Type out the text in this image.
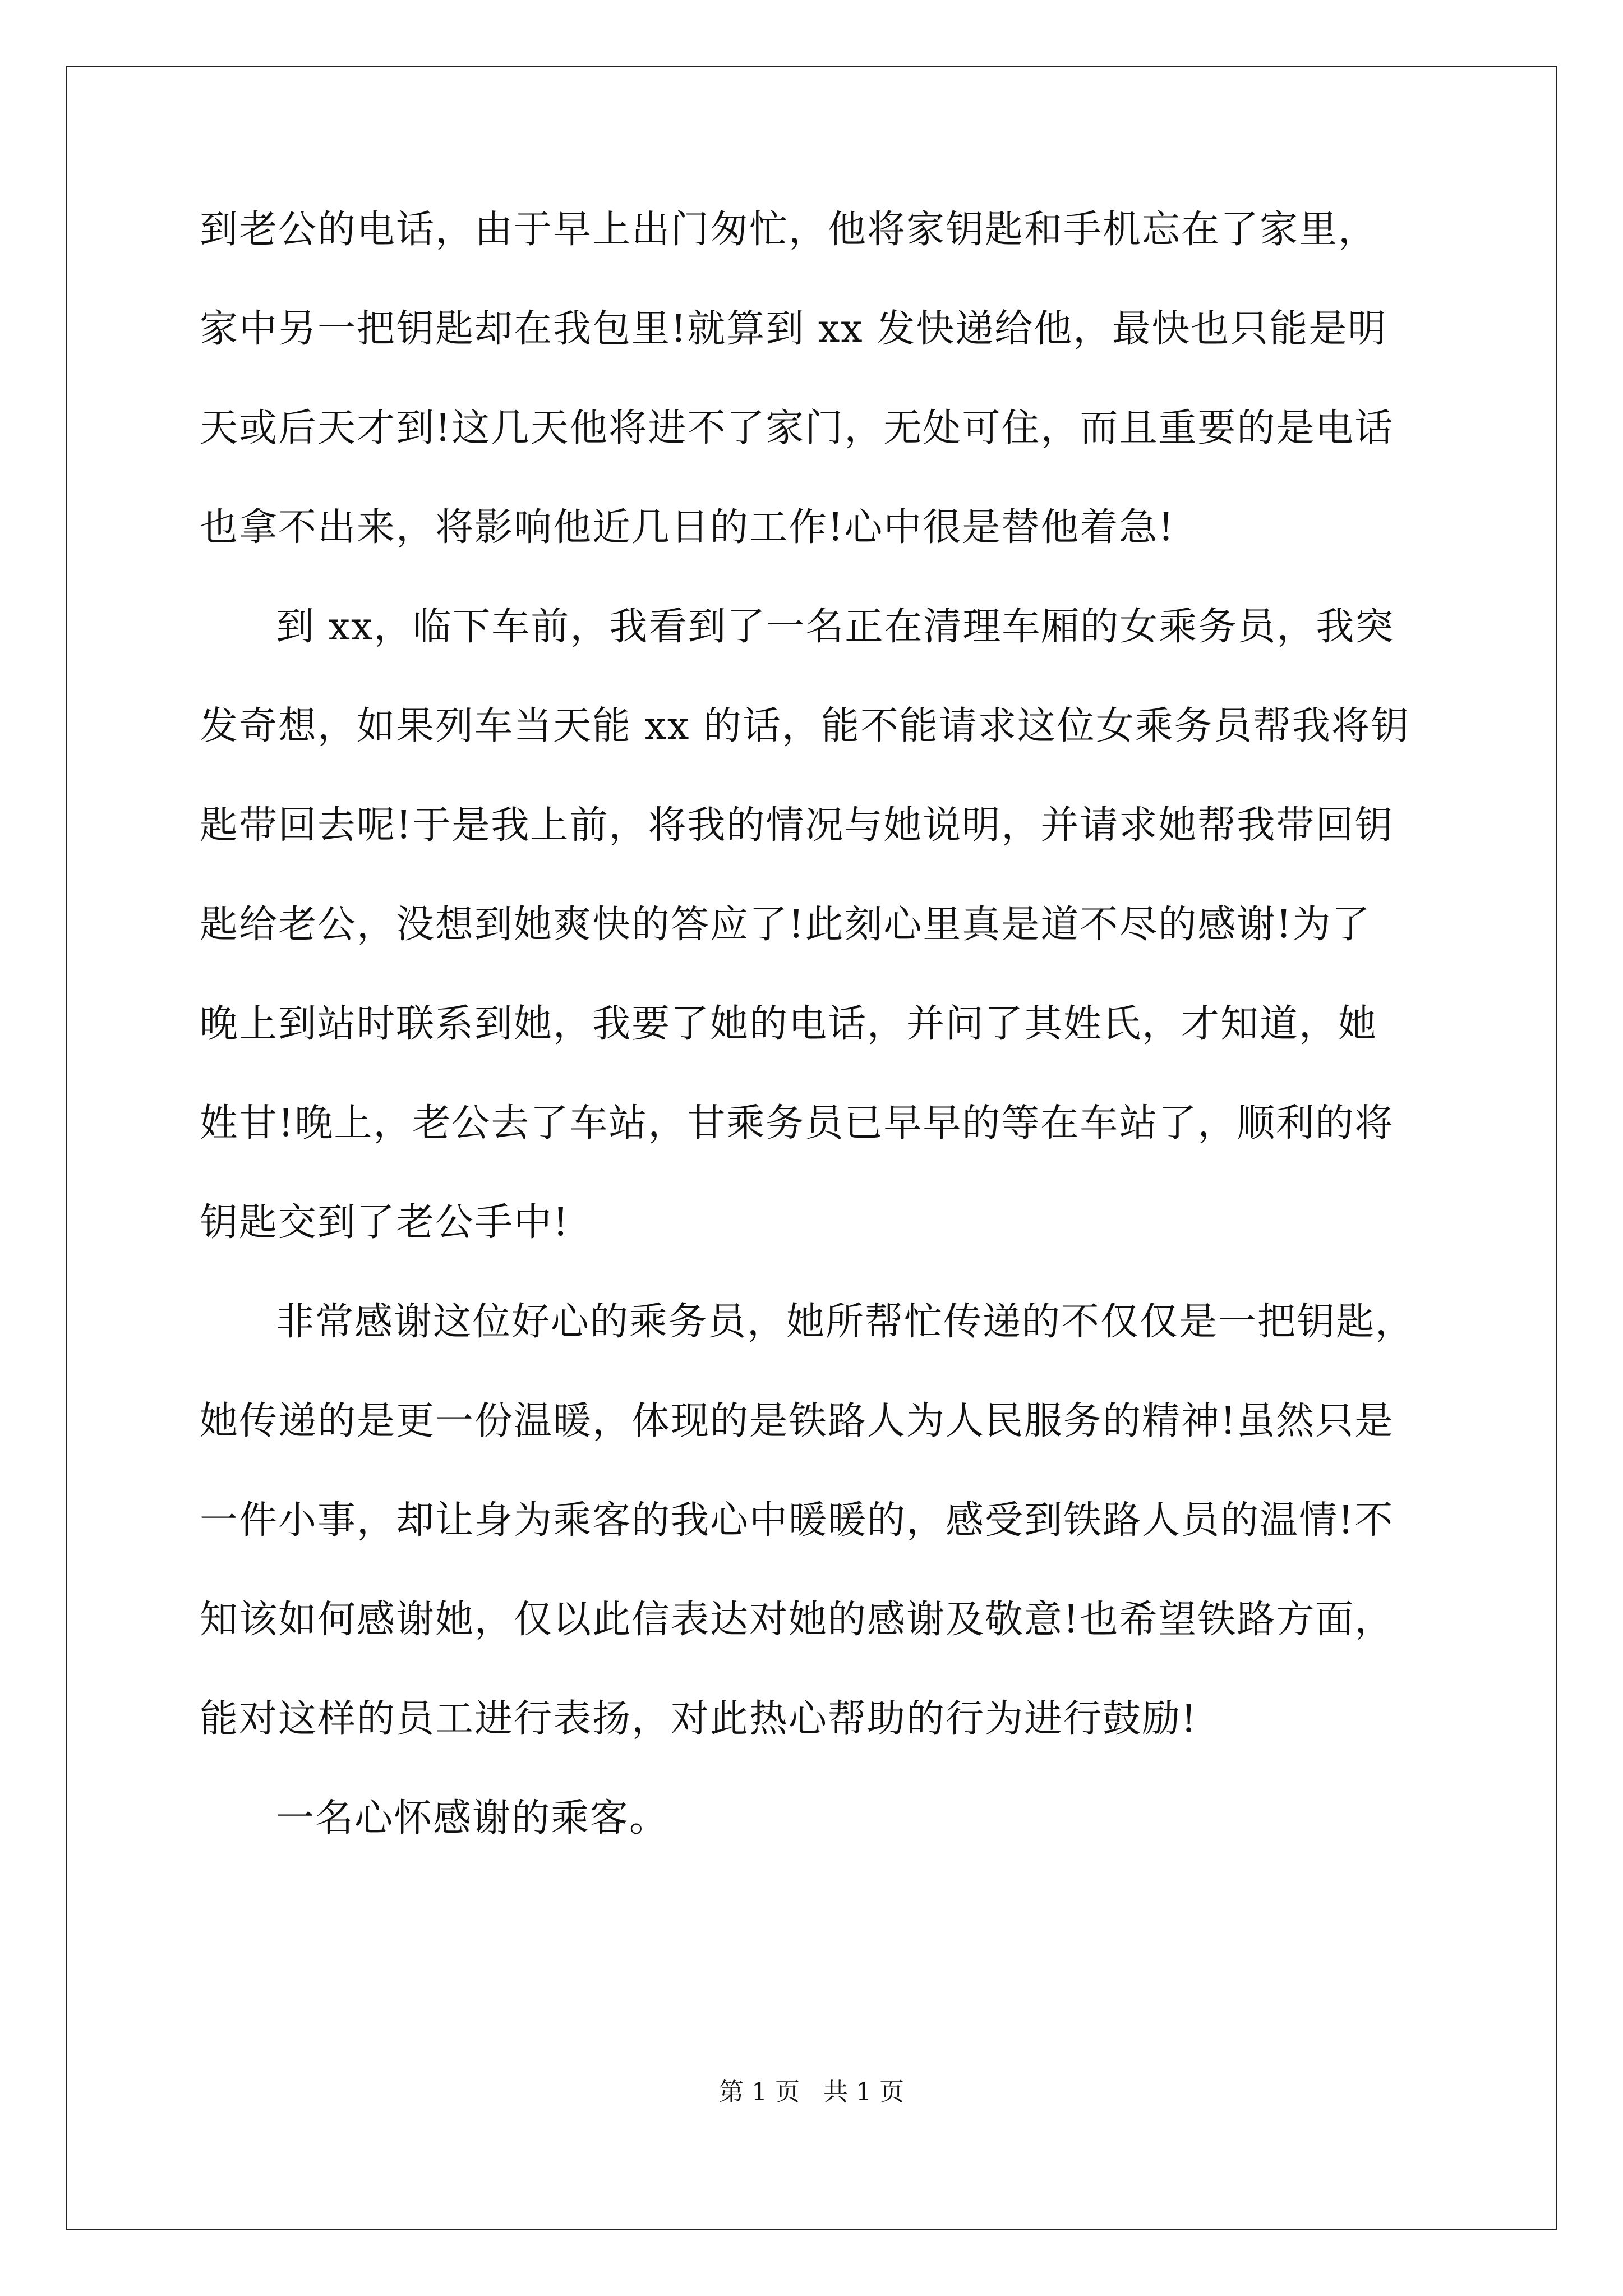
到老公的电话，由于早上出门匆忙，他将家钥匙和手机忘在了家里，
家中另一把钥匙却在我包里!就算到 xx 发快递给他，最快也只能是明
天或后天才到!这几天他将进不了家门，无处可住，而且重要的是电话
也拿不出来，将影响他近几日的工作!心中很是替他着急!
到 xx，临下车前，我看到了一名正在清理车厢的女乘务员，我突
发奇想，如果列车当天能 xx 的话，能不能请求这位女乘务员帮我将钥
匙带回去呢!于是我上前，将我的情况与她说明，并请求她帮我带回钥
匙给老公，没想到她爽快的答应了!此刻心里真是道不尽的感谢!为了
晚上到站时联系到她，我要了她的电话，并问了其姓氏，才知道，她
姓甘!晚上，老公去了车站，甘乘务员已早早的等在车站了，顺利的将
钥匙交到了老公手中!
非常感谢这位好心的乘务员，她所帮忙传递的不仅仅是一把钥匙，
她传递的是更一份温暖，体现的是铁路人为人民服务的精神!虽然只是
一件小事，却让身为乘客的我心中暖暖的，感受到铁路人员的温情!不
知该如何感谢她，仅以此信表达对她的感谢及敬意!也希望铁路方面，
能对这样的员工进行表扬，对此热心帮助的行为进行鼓励!
一名心怀感谢的乘客。
第 1 页   共 1 页
